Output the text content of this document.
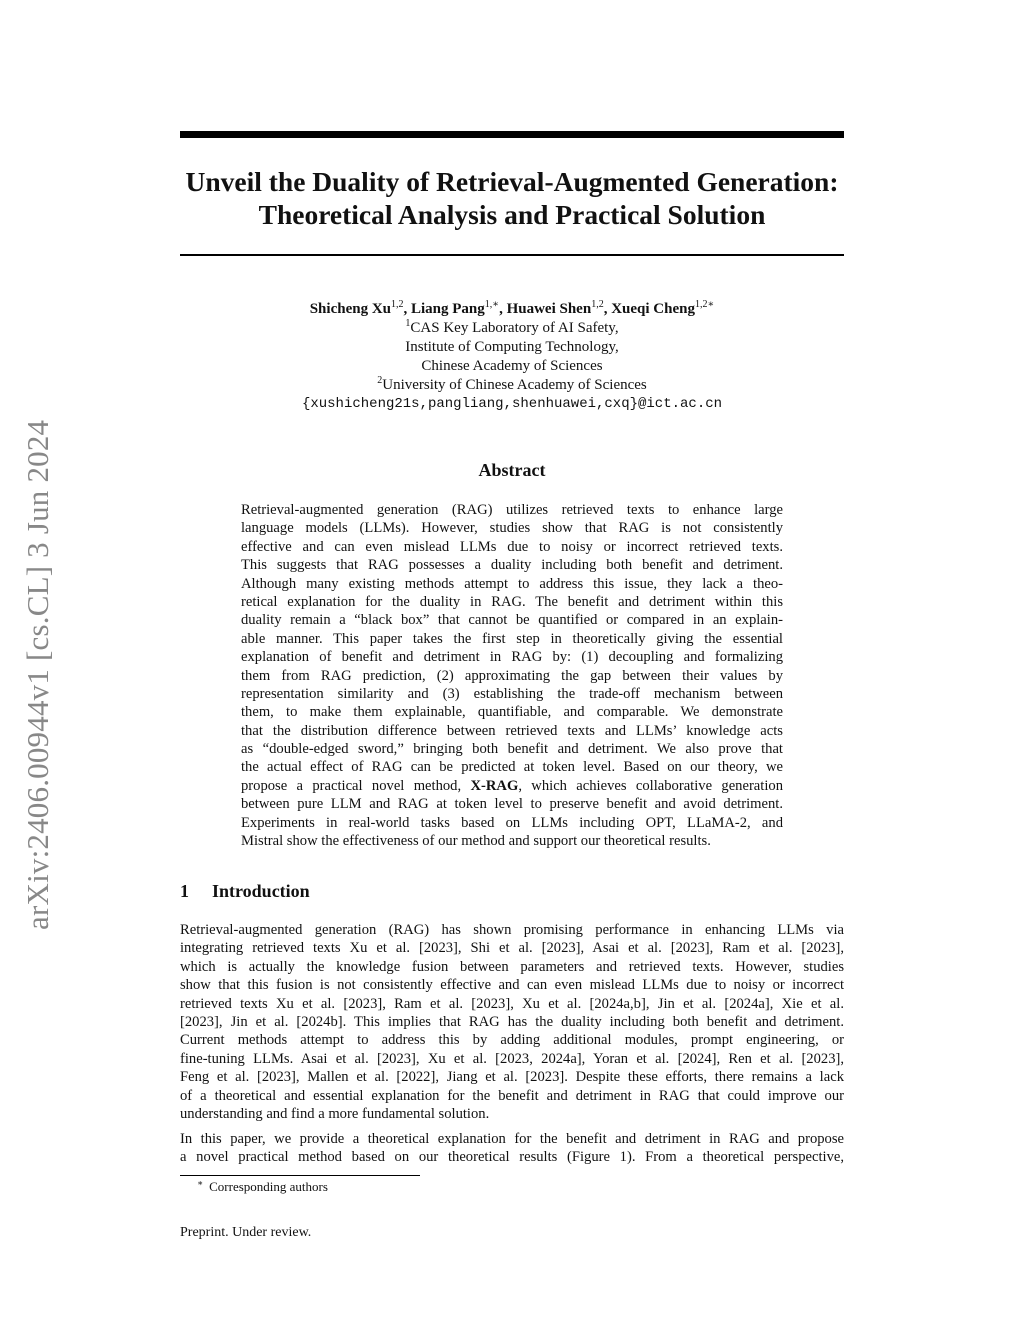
arXiv:2406.00944v1 [cs.CL] 3 Jun 2024
Unveil the Duality of Retrieval-Augmented Generation:
Theoretical Analysis and Practical Solution
Shicheng Xu$^{1,2}$, Liang Pang$^{1,∗}$, Huawei Shen$^{1,2}$, Xueqi Cheng$^{1,2∗}$
$^1$CAS Key Laboratory of AI Safety,
Institute of Computing Technology,
Chinese Academy of Sciences
$^2$University of Chinese Academy of Sciences
{xushicheng21s,pangliang,shenhuawei,cxq}@ict.ac.cn
Abstract
Retrieval-augmented generation (RAG) utilizes retrieved texts to enhance large
language models (LLMs). However, studies show that RAG is not consistently
effective and can even mislead LLMs due to noisy or incorrect retrieved texts.
This suggests that RAG possesses a duality including both benefit and detriment.
Although many existing methods attempt to address this issue, they lack a theo-
retical explanation for the duality in RAG. The benefit and detriment within this
duality remain a “black box” that cannot be quantified or compared in an explain-
able manner. This paper takes the first step in theoretically giving the essential
explanation of benefit and detriment in RAG by: (1) decoupling and formalizing
them from RAG prediction, (2) approximating the gap between their values by
representation similarity and (3) establishing the trade-off mechanism between
them, to make them explainable, quantifiable, and comparable. We demonstrate
that the distribution difference between retrieved texts and LLMs’ knowledge acts
as “double-edged sword,” bringing both benefit and detriment. We also prove that
the actual effect of RAG can be predicted at token level. Based on our theory, we
propose a practical novel method, X-RAG, which achieves collaborative generation
between pure LLM and RAG at token level to preserve benefit and avoid detriment.
Experiments in real-world tasks based on LLMs including OPT, LLaMA-2, and
Mistral show the effectiveness of our method and support our theoretical results.
1 Introduction
Retrieval-augmented generation (RAG) has shown promising performance in enhancing LLMs via
integrating retrieved texts Xu et al. [2023], Shi et al. [2023], Asai et al. [2023], Ram et al. [2023],
which is actually the knowledge fusion between parameters and retrieved texts. However, studies
show that this fusion is not consistently effective and can even mislead LLMs due to noisy or incorrect
retrieved texts Xu et al. [2023], Ram et al. [2023], Xu et al. [2024a,b], Jin et al. [2024a], Xie et al.
[2023], Jin et al. [2024b]. This implies that RAG has the duality including both benefit and detriment.
Current methods attempt to address this by adding additional modules, prompt engineering, or
fine-tuning LLMs. Asai et al. [2023], Xu et al. [2023, 2024a], Yoran et al. [2024], Ren et al. [2023],
Feng et al. [2023], Mallen et al. [2022], Jiang et al. [2023]. Despite these efforts, there remains a lack
of a theoretical and essential explanation for the benefit and detriment in RAG that could improve our
understanding and find a more fundamental solution.
In this paper, we provide a theoretical explanation for the benefit and detriment in RAG and propose
a novel practical method based on our theoretical results (Figure 1). From a theoretical perspective,
∗ Corresponding authors
Preprint. Under review.
